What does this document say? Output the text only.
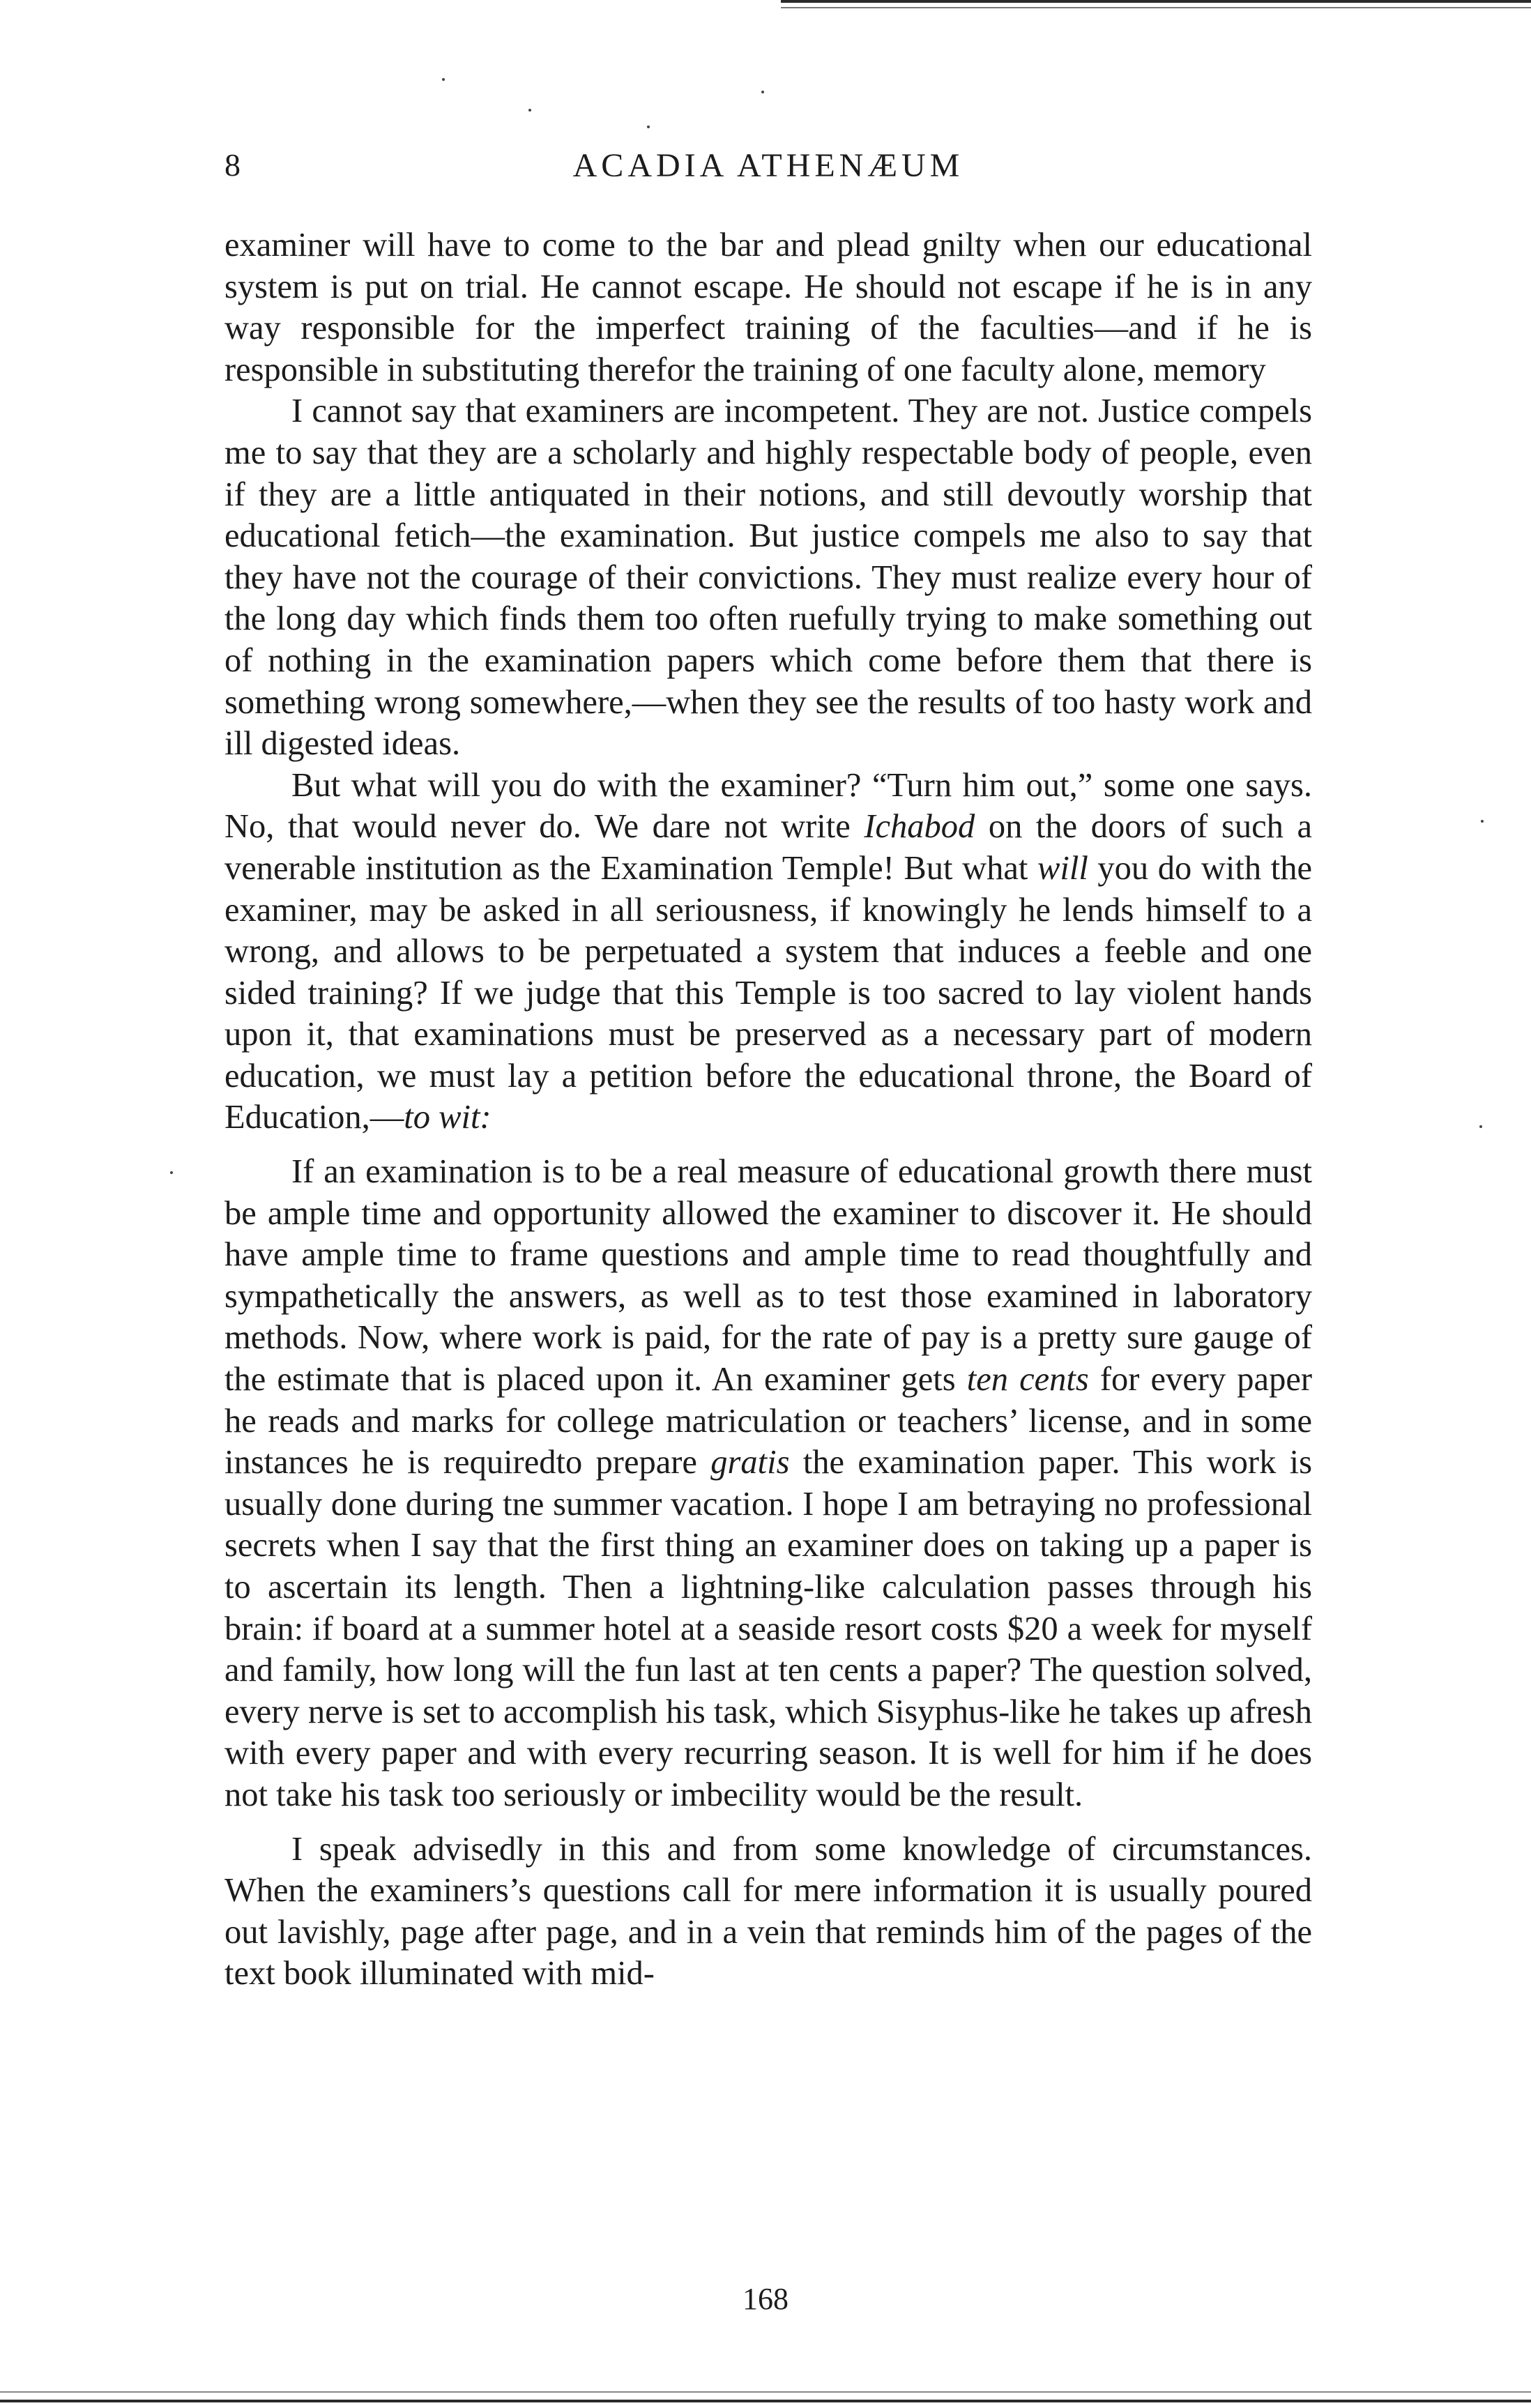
8	ACADIA ATHENÆUM

examiner will have to come to the bar and plead gnilty when our educational system is put on trial. He cannot escape. He should not escape if he is in any way responsible for the imperfect training of the faculties—and if he is responsible in substituting therefor the training of one faculty alone, memory

I cannot say that examiners are incompetent. They are not. Justice compels me to say that they are a scholarly and highly respectable body of people, even if they are a little antiquated in their notions, and still devoutly worship that educational fetich—the examination. But justice compels me also to say that they have not the courage of their convictions. They must realize every hour of the long day which finds them too often ruefully trying to make something out of nothing in the examination papers which come before them that there is something wrong somewhere,—when they see the results of too hasty work and ill digested ideas.

But what will you do with the examiner? “Turn him out,” some one says. No, that would never do. We dare not write Ichabod on the doors of such a venerable institution as the Examination Temple! But what will you do with the examiner, may be asked in all seriousness, if knowingly he lends himself to a wrong, and allows to be perpetuated a system that induces a feeble and one sided training? If we judge that this Temple is too sacred to lay violent hands upon it, that examinations must be preserved as a necessary part of modern education, we must lay a petition before the educational throne, the Board of Education,—to wit:

If an examination is to be a real measure of educational growth there must be ample time and opportunity allowed the examiner to discover it. He should have ample time to frame questions and ample time to read thoughtfully and sympathetically the answers, as well as to test those examined in laboratory methods. Now, where work is paid, for the rate of pay is a pretty sure gauge of the estimate that is placed upon it. An examiner gets ten cents for every paper he reads and marks for college matriculation or teachers’ license, and in some instances he is requiredto prepare gratis the examination paper. This work is usually done during tne summer vacation. I hope I am betraying no professional secrets when I say that the first thing an examiner does on taking up a paper is to ascertain its length. Then a lightning-like calculation passes through his brain: if board at a summer hotel at a seaside resort costs $20 a week for myself and family, how long will the fun last at ten cents a paper? The question solved, every nerve is set to accomplish his task, which Sisyphus-like he takes up afresh with every paper and with every recurring season. It is well for him if he does not take his task too seriously or imbecility would be the result.

I speak advisedly in this and from some knowledge of circumstances. When the examiners’s questions call for mere information it is usually poured out lavishly, page after page, and in a vein that reminds him of the pages of the text book illuminated with mid-

168
